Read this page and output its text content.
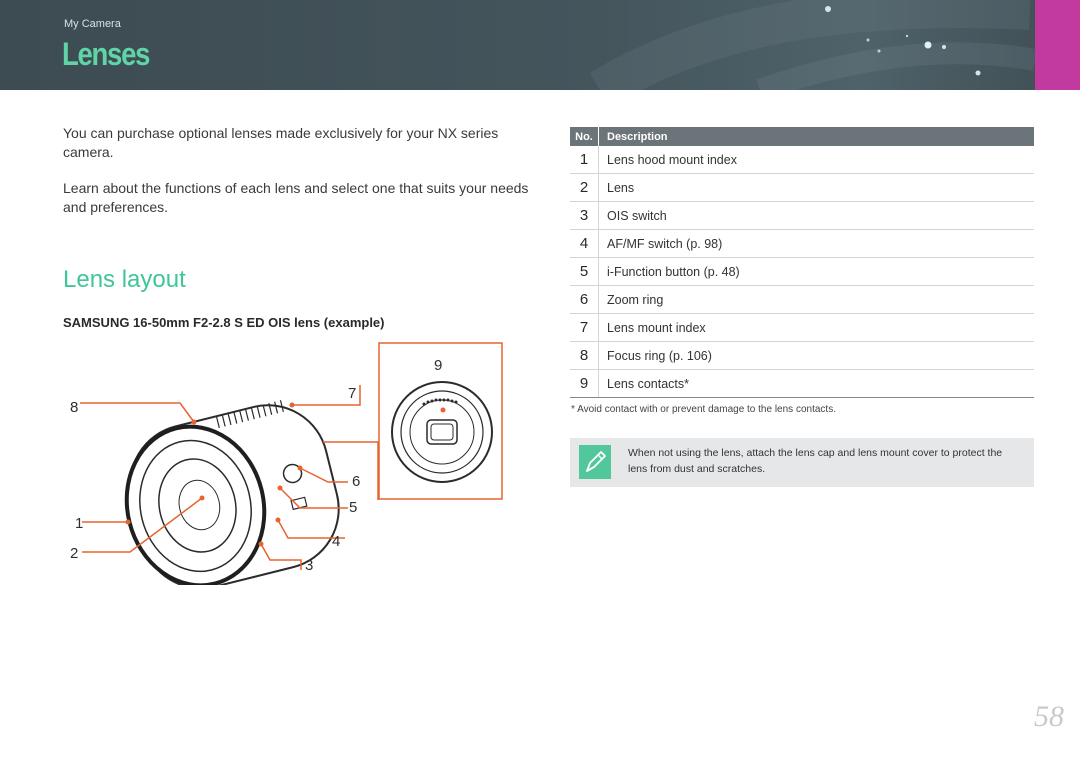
My Camera
Lenses

You can purchase optional lenses made exclusively for your NX series camera.

Learn about the functions of each lens and select one that suits your needs and preferences.

Lens layout

SAMSUNG 16-50mm F2-2.8 S ED OIS lens (example)

1
2
3
4
5
6
7
8
9
No.	Description
1	Lens hood mount index
2	Lens
3	OIS switch
4	AF/MF switch (p. 98)
5	i-Function button (p. 48)
6	Zoom ring
7	Lens mount index
8	Focus ring (p. 106)
9	Lens contacts*

* Avoid contact with or prevent damage to the lens contacts.

When not using the lens, attach the lens cap and lens mount cover to protect the lens from dust and scratches.
58
